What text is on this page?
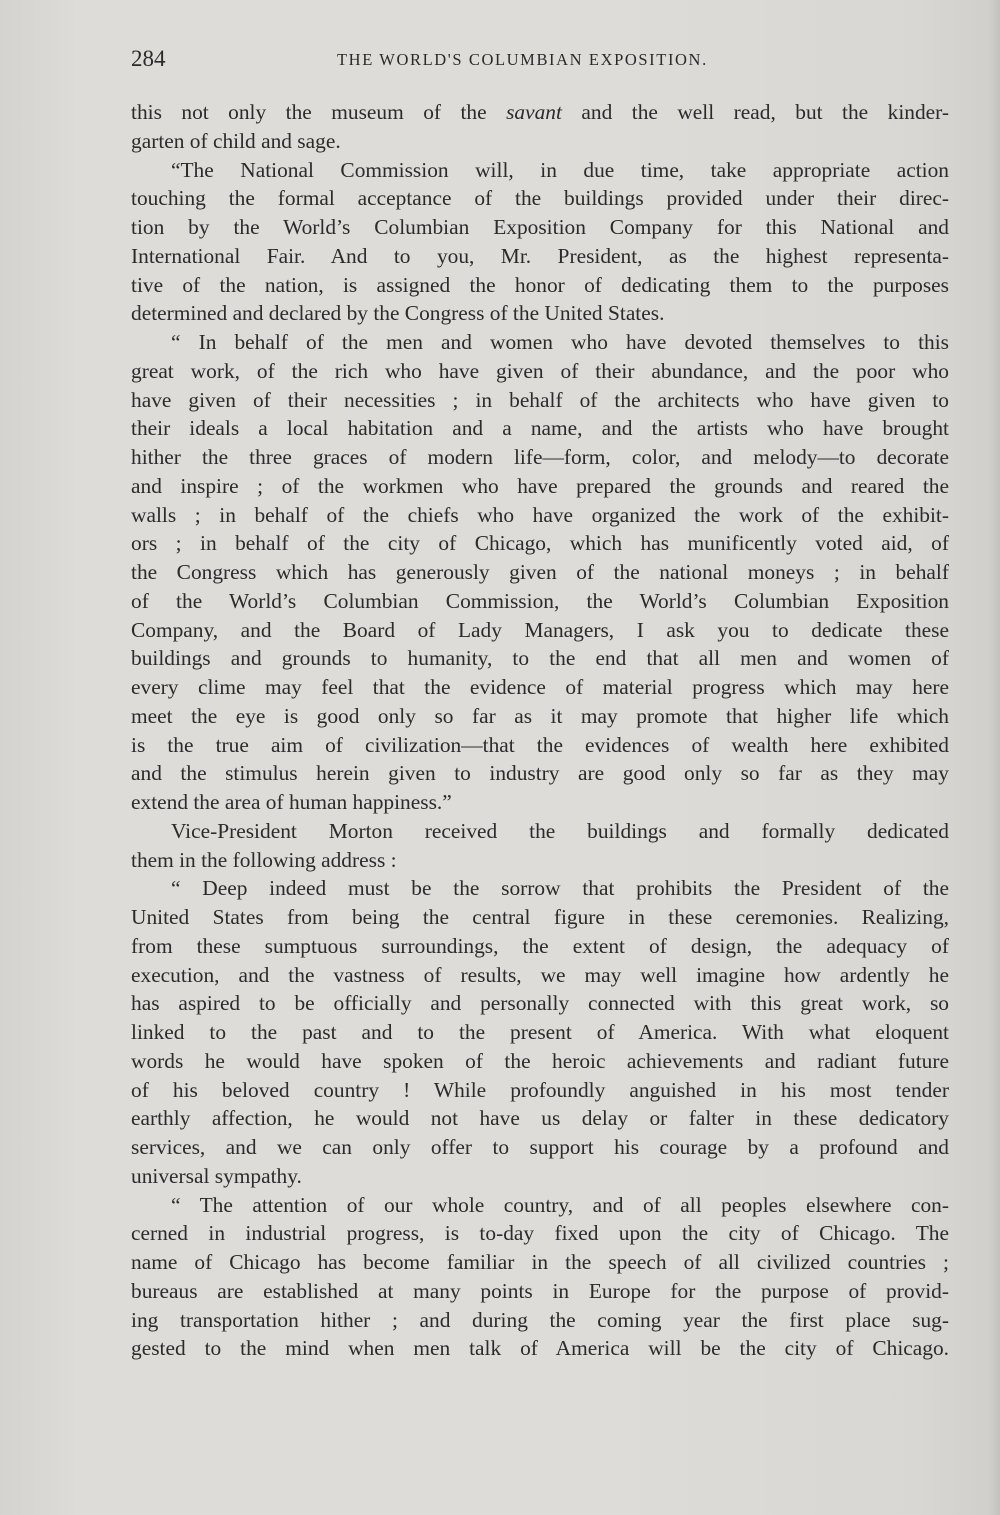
284	THE WORLD'S COLUMBIAN EXPOSITION.
this not only the museum of the savant and the well read, but the kinder-
garten of child and sage.
“The National Commission will, in due time, take appropriate action
touching the formal acceptance of the buildings provided under their direc-
tion by the World’s Columbian Exposition Company for this National and
International Fair. And to you, Mr. President, as the highest representa-
tive of the nation, is assigned the honor of dedicating them to the purposes
determined and declared by the Congress of the United States.
“ In behalf of the men and women who have devoted themselves to this
great work, of the rich who have given of their abundance, and the poor who
have given of their necessities ; in behalf of the architects who have given to
their ideals a local habitation and a name, and the artists who have brought
hither the three graces of modern life—form, color, and melody—to decorate
and inspire ; of the workmen who have prepared the grounds and reared the
walls ; in behalf of the chiefs who have organized the work of the exhibit-
ors ; in behalf of the city of Chicago, which has munificently voted aid, of
the Congress which has generously given of the national moneys ; in behalf
of the World’s Columbian Commission, the World’s Columbian Exposition
Company, and the Board of Lady Managers, I ask you to dedicate these
buildings and grounds to humanity, to the end that all men and women of
every clime may feel that the evidence of material progress which may here
meet the eye is good only so far as it may promote that higher life which
is the true aim of civilization—that the evidences of wealth here exhibited
and the stimulus herein given to industry are good only so far as they may
extend the area of human happiness.”
Vice-President Morton received the buildings and formally dedicated
them in the following address :
“ Deep indeed must be the sorrow that prohibits the President of the
United States from being the central figure in these ceremonies. Realizing,
from these sumptuous surroundings, the extent of design, the adequacy of
execution, and the vastness of results, we may well imagine how ardently he
has aspired to be officially and personally connected with this great work, so
linked to the past and to the present of America. With what eloquent
words he would have spoken of the heroic achievements and radiant future
of his beloved country ! While profoundly anguished in his most tender
earthly affection, he would not have us delay or falter in these dedicatory
services, and we can only offer to support his courage by a profound and
universal sympathy.
“ The attention of our whole country, and of all peoples elsewhere con-
cerned in industrial progress, is to-day fixed upon the city of Chicago. The
name of Chicago has become familiar in the speech of all civilized countries ;
bureaus are established at many points in Europe for the purpose of provid-
ing transportation hither ; and during the coming year the first place sug-
gested to the mind when men talk of America will be the city of Chicago.
